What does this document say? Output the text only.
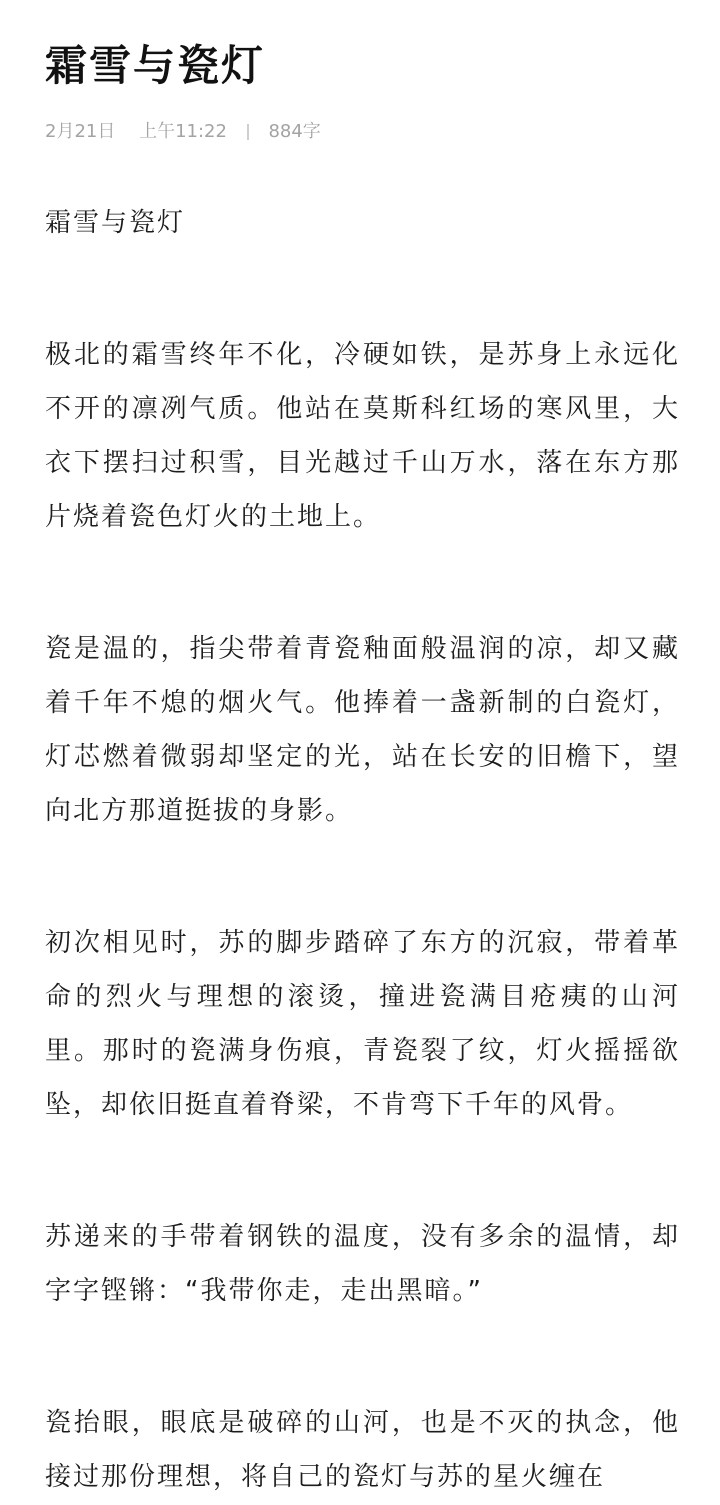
霜雪与瓷灯
2月21日 上午11:22 884字

霜雪与瓷灯

极北的霜雪终年不化，冷硬如铁，是苏身上永远化不开的凛冽气质。他站在莫斯科红场的寒风里，大衣下摆扫过积雪，目光越过千山万水，落在东方那片烧着瓷色灯火的土地上。

瓷是温的，指尖带着青瓷釉面般温润的凉，却又藏着千年不熄的烟火气。他捧着一盏新制的白瓷灯，灯芯燃着微弱却坚定的光，站在长安的旧檐下，望向北方那道挺拔的身影。

初次相见时，苏的脚步踏碎了东方的沉寂，带着革命的烈火与理想的滚烫，撞进瓷满目疮痍的山河里。那时的瓷满身伤痕，青瓷裂了纹，灯火摇摇欲坠，却依旧挺直着脊梁，不肯弯下千年的风骨。

苏递来的手带着钢铁的温度，没有多余的温情，却字字铿锵：“我带你走，走出黑暗。”

瓷抬眼，眼底是破碎的山河，也是不灭的执念，他接过那份理想，将自己的瓷灯与苏的星火缠在
